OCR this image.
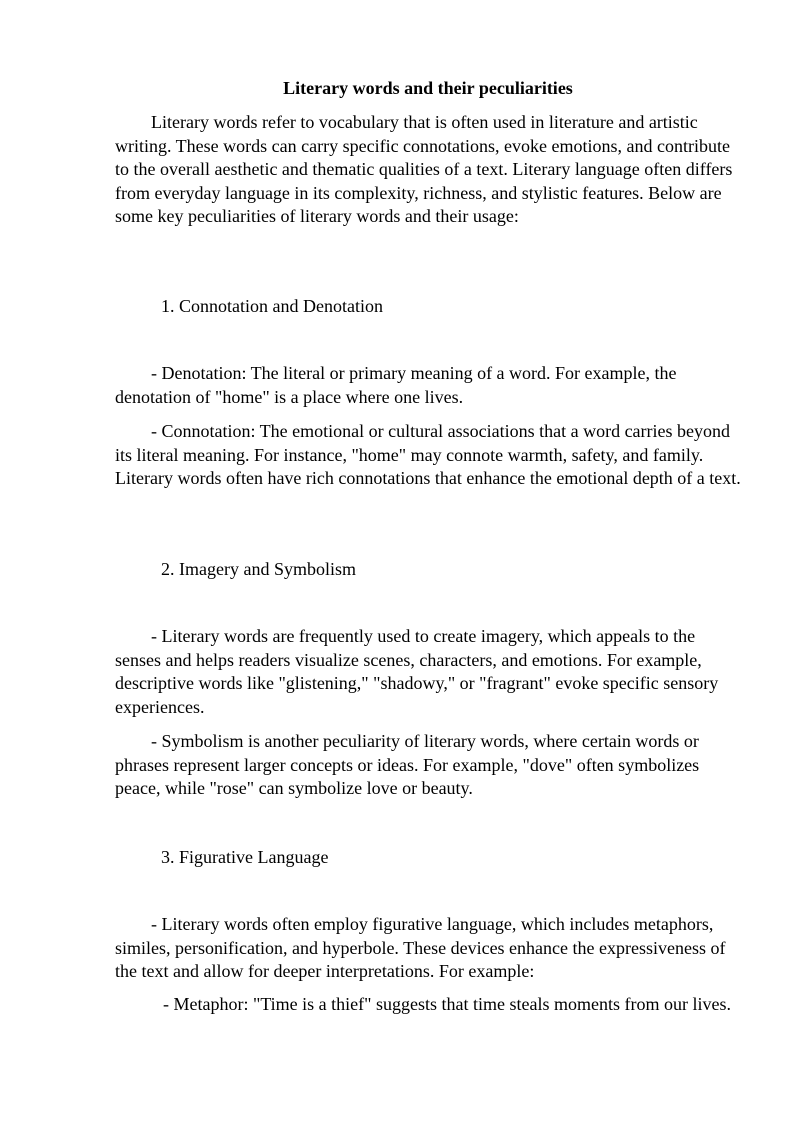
Literary words and their peculiarities

Literary words refer to vocabulary that is often used in literature and artistic writing. These words can carry specific connotations, evoke emotions, and contribute to the overall aesthetic and thematic qualities of a text. Literary language often differs from everyday language in its complexity, richness, and stylistic features. Below are some key peculiarities of literary words and their usage:

1. Connotation and Denotation

- Denotation: The literal or primary meaning of a word. For example, the denotation of "home" is a place where one lives.

- Connotation: The emotional or cultural associations that a word carries beyond its literal meaning. For instance, "home" may connote warmth, safety, and family. Literary words often have rich connotations that enhance the emotional depth of a text.

2. Imagery and Symbolism

- Literary words are frequently used to create imagery, which appeals to the senses and helps readers visualize scenes, characters, and emotions. For example, descriptive words like "glistening," "shadowy," or "fragrant" evoke specific sensory experiences.

- Symbolism is another peculiarity of literary words, where certain words or phrases represent larger concepts or ideas. For example, "dove" often symbolizes peace, while "rose" can symbolize love or beauty.

3. Figurative Language

- Literary words often employ figurative language, which includes metaphors, similes, personification, and hyperbole. These devices enhance the expressiveness of the text and allow for deeper interpretations. For example:

- Metaphor: "Time is a thief" suggests that time steals moments from our lives.
